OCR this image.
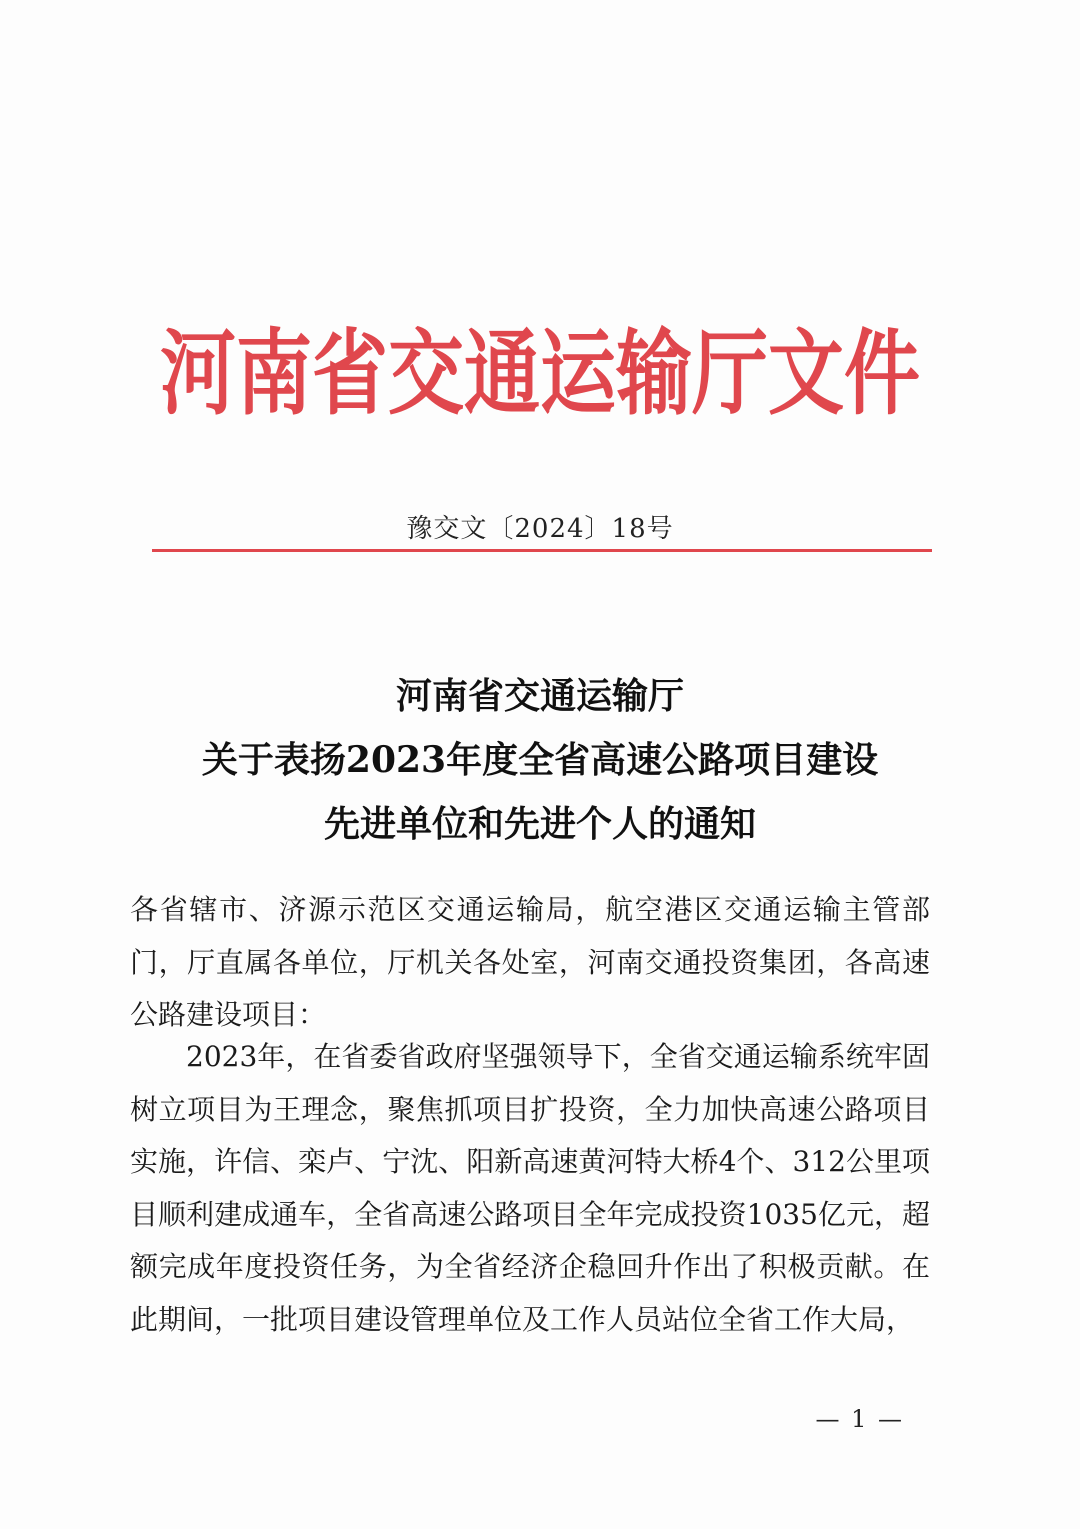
河南省交通运输厅文件
豫交文〔2024〕18号
河南省交通运输厅
关于表扬2023年度全省高速公路项目建设
先进单位和先进个人的通知
各省辖市、济源示范区交通运输局，航空港区交通运输主管部门，厅直属各单位，厅机关各处室，河南交通投资集团，各高速公路建设项目：
2023年，在省委省政府坚强领导下，全省交通运输系统牢固树立项目为王理念，聚焦抓项目扩投资，全力加快高速公路项目实施，许信、栾卢、宁沈、阳新高速黄河特大桥4个、312公里项目顺利建成通车，全省高速公路项目全年完成投资1035亿元，超额完成年度投资任务，为全省经济企稳回升作出了积极贡献。在此期间，一批项目建设管理单位及工作人员站位全省工作大局，
— 1 —
